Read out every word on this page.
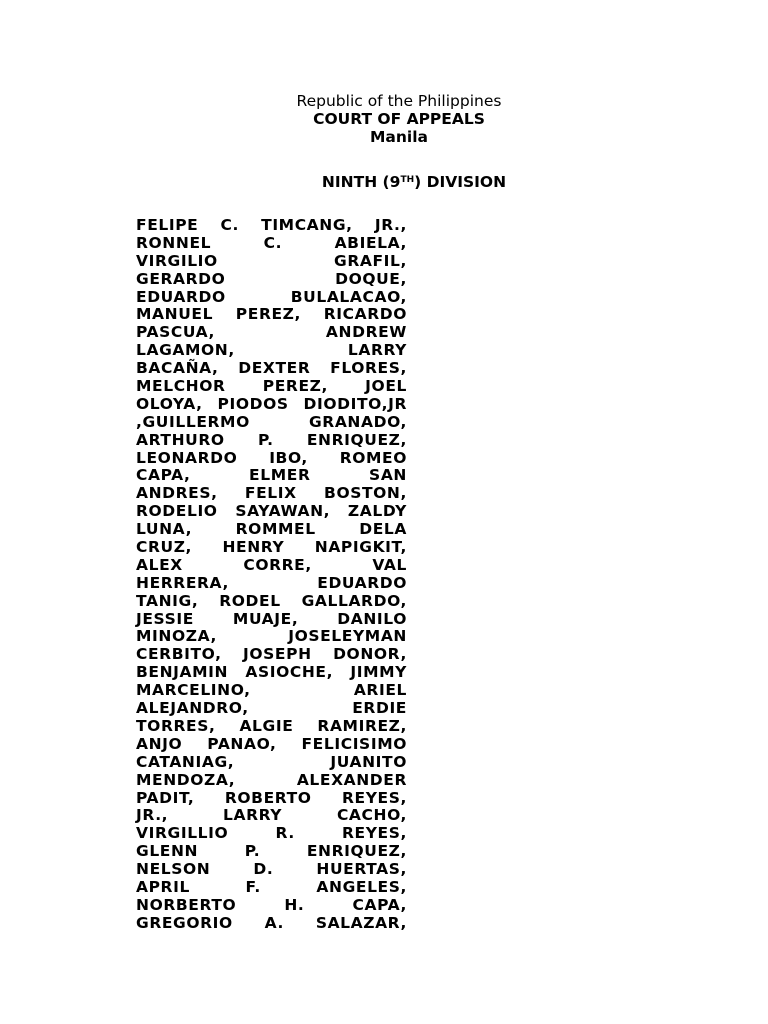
Republic of the Philippines
COURT OF APPEALS
Manila
NINTH (9TH) DIVISION
FELIPE C. TIMCANG, JR.,
RONNEL C. ABIELA,
VIRGILIO GRAFIL,
GERARDO DOQUE,
EDUARDO BULALACAO,
MANUEL PEREZ, RICARDO
PASCUA, ANDREW
LAGAMON, LARRY
BACAÑA, DEXTER FLORES,
MELCHOR PEREZ, JOEL
OLOYA, PIODOS DIODITO,JR
,GUILLERMO GRANADO,
ARTHURO P. ENRIQUEZ,
LEONARDO IBO, ROMEO
CAPA, ELMER SAN
ANDRES, FELIX BOSTON,
RODELIO SAYAWAN, ZALDY
LUNA, ROMMEL DELA
CRUZ, HENRY NAPIGKIT,
ALEX CORRE, VAL
HERRERA, EDUARDO
TANIG, RODEL GALLARDO,
JESSIE MUAJE, DANILO
MINOZA, JOSELEYMAN
CERBITO, JOSEPH DONOR,
BENJAMIN ASIOCHE, JIMMY
MARCELINO, ARIEL
ALEJANDRO, ERDIE
TORRES, ALGIE RAMIREZ,
ANJO PANAO, FELICISIMO
CATANIAG, JUANITO
MENDOZA, ALEXANDER
PADIT, ROBERTO REYES,
JR., LARRY CACHO,
VIRGILLIO R. REYES,
GLENN P. ENRIQUEZ,
NELSON D. HUERTAS,
APRIL F. ANGELES,
NORBERTO H. CAPA,
GREGORIO A. SALAZAR,
